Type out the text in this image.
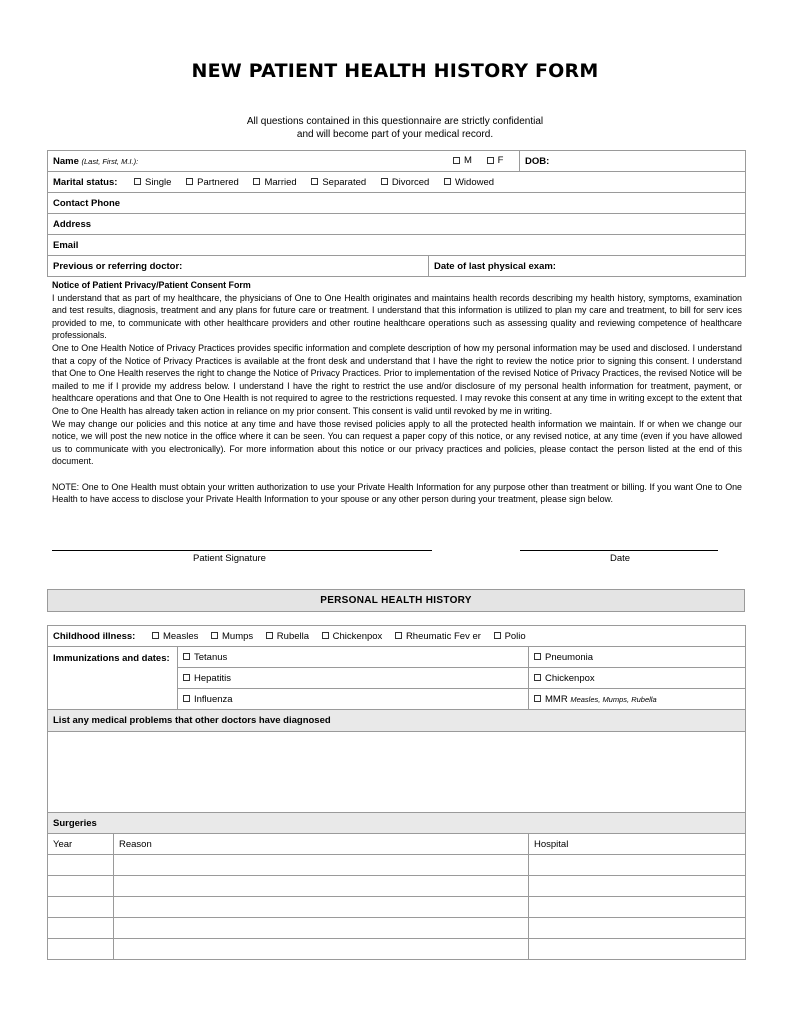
NEW PATIENT HEALTH HISTORY FORM
All questions contained in this questionnaire are strictly confidential
and will become part of your medical record.
Name (Last, First, M.I.): M F		DOB:
Marital status: Single Partnered Married Separated Divorced Widowed		
Contact Phone		
Address		
Email		
Previous or referring doctor:	Date of last physical exam:	

Notice of Patient Privacy/Patient Consent Form

I understand that as part of my healthcare, the physicians of One to One Health originates and maintains health records describing my health history, symptoms, examination and test results, diagnosis, treatment and any plans for future care or treatment. I understand that this information is utilized to plan my care and treatment, to bill for serv ices provided to me, to communicate with other healthcare providers and other routine healthcare operations such as assessing quality and reviewing competence of healthcare professionals.

One to One Health Notice of Privacy Practices provides specific information and complete description of how my personal information may be used and disclosed. I understand that a copy of the Notice of Privacy Practices is available at the front desk and understand that I have the right to review the notice prior to signing this consent. I understand that One to One Health reserves the right to change the Notice of Privacy Practices. Prior to implementation of the revised Notice of Privacy Practices, the revised Notice will be mailed to me if I provide my address below. I understand I have the right to restrict the use and/or disclosure of my personal health information for treatment, payment, or healthcare operations and that One to One Health is not required to agree to the restrictions requested. I may revoke this consent at any time in writing except to the extent that One to One Health has already taken action in reliance on my prior consent. This consent is valid until revoked by me in writing.

We may change our policies and this notice at any time and have those revised policies apply to all the protected health information we maintain. If or when we change our notice, we will post the new notice in the office where it can be seen. You can request a paper copy of this notice, or any revised notice, at any time (even if you have allowed us to communicate with you electronically). For more information about this notice or our privacy practices and policies, please contact the person listed at the end of this document.

NOTE: One to One Health must obtain your written authorization to use your Private Health Information for any purpose other than treatment or billing. If you want One to One Health to have access to disclose your Private Health Information to your spouse or any other person during your treatment, please sign below.

Patient Signature	Date
PERSONAL HEALTH HISTORY
Childhood illness: Measles Mumps Rubella Chickenpox Rheumatic Fev er Polio			
Immunizations and dates:		Tetanus	Pneumonia
		Hepatitis	Chickenpox
		Influenza	MMR Measles, Mumps, Rubella
List any medical problems that other doctors have diagnosed			

Surgeries			
Year	Reason		Hospital
